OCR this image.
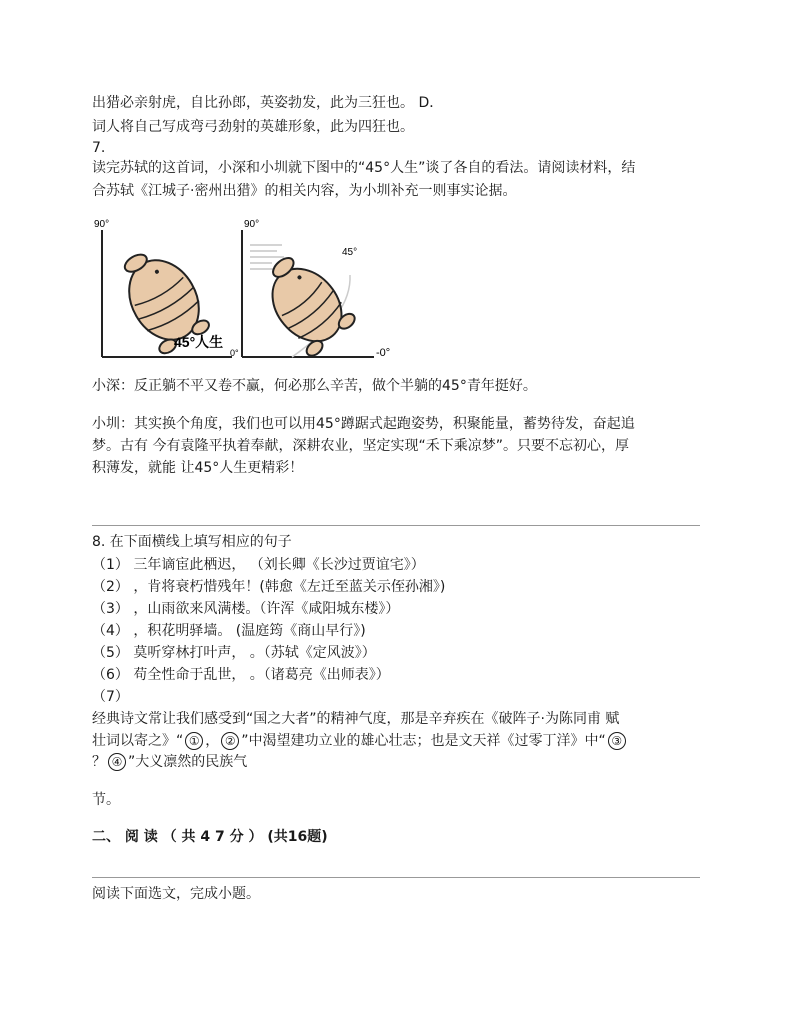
出猎必亲射虎，自比孙郎，英姿勃发，此为三狂也。 D．
词人将自己写成弯弓劲射的英雄形象，此为四狂也。
7.
读完苏轼的这首词，小深和小圳就下图中的“45°人生”谈了各自的看法。请阅读材料，结
合苏轼《江城子·密州出猎》的相关内容，为小圳补充一则事实论据。
90°
0°
45°人生
90°
45°
-0°
小深：反正躺不平又卷不赢，何必那么辛苦，做个半躺的45°青年挺好。
小圳：其实换个角度，我们也可以用45°蹲踞式起跑姿势，积聚能量，蓄势待发，奋起追
梦。古有 今有袁隆平执着奉献，深耕农业，坚定实现“禾下乘凉梦”。只要不忘初心，厚
积薄发，就能 让45°人生更精彩！
8. 在下面横线上填写相应的句子
（1） 三年谪宦此栖迟， （刘长卿《长沙过贾谊宅》）
（2） ，肯将衰朽惜残年！(韩愈《左迁至蓝关示侄孙湘》)
（3） ，山雨欲来风满楼。（许浑《咸阳城东楼》）
（4） ，积花明驿墙。 (温庭筠《商山早行》)
（5） 莫听穿林打叶声， 。（苏轼《定风波》）
（6） 苟全性命于乱世， 。（诸葛亮《出师表》）
（7）
经典诗文常让我们感受到“国之大者”的精神气度，那是辛弃疾在《破阵子·为陈同甫 赋
壮词以寄之》“ ① ， ② ”中渴望建功立业的雄心壮志；也是文天祥《过零丁洋》中“ ③
？ ④ ”大义凛然的民族气
节。
二、 阅 读 （ 共 4 7 分 ） (共16题)
阅读下面选文，完成小题。
